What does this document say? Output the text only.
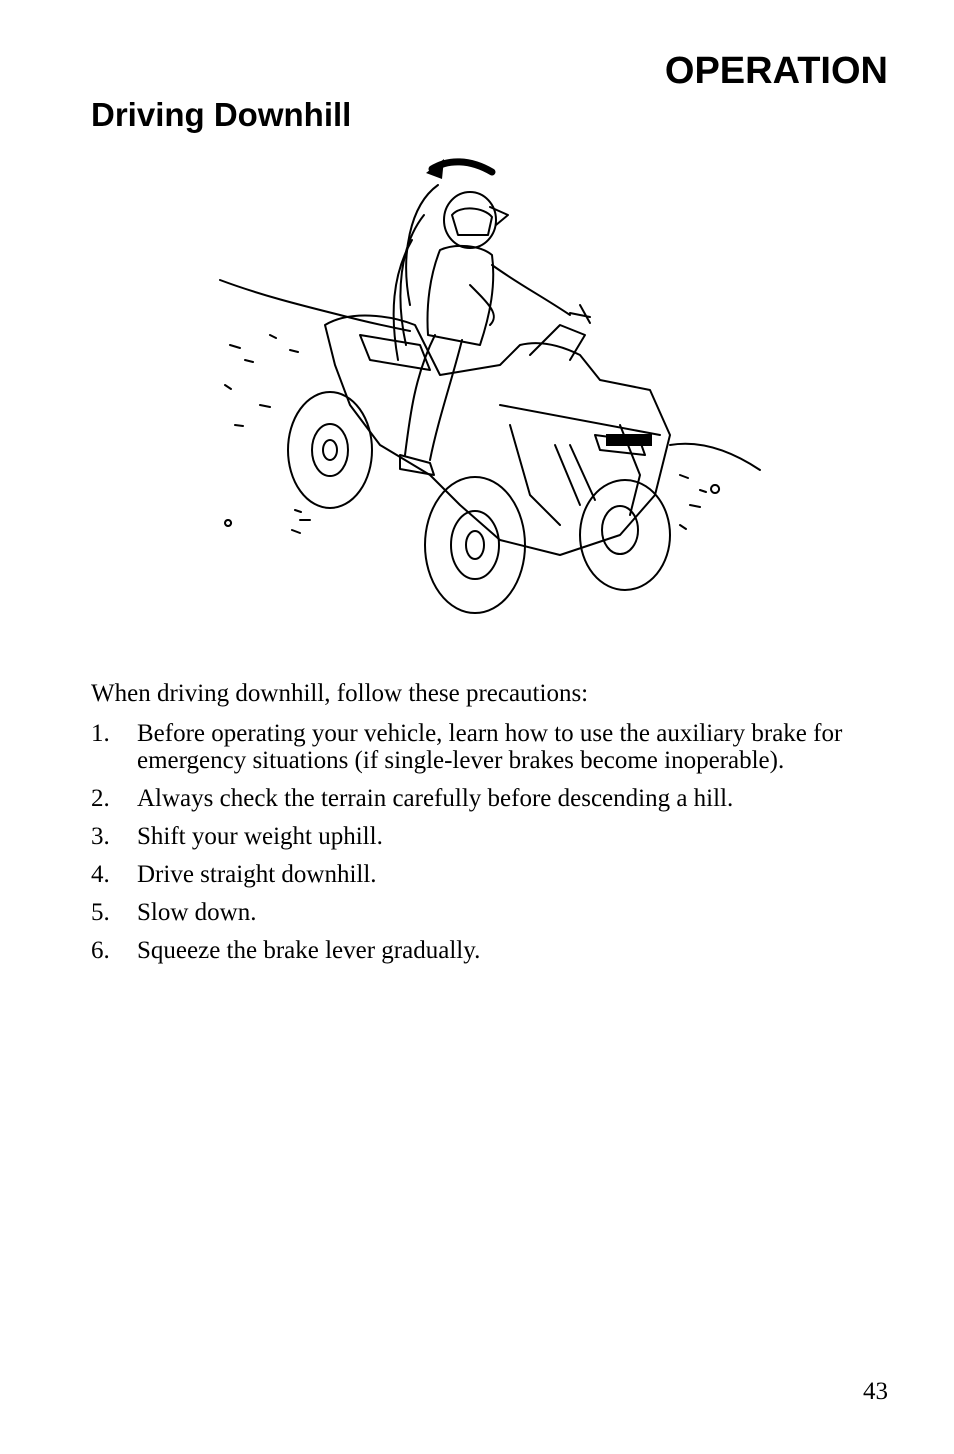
OPERATION
Driving Downhill

When driving downhill, follow these precautions:

1.	Before operating your vehicle, learn how to use the auxiliary brake for emergency situations (if single-lever brakes become inoperable).
2.	Always check the terrain carefully before descending a hill.
3.	Shift your weight uphill.
4.	Drive straight downhill.
5.	Slow down.
6.	Squeeze the brake lever gradually.

43
